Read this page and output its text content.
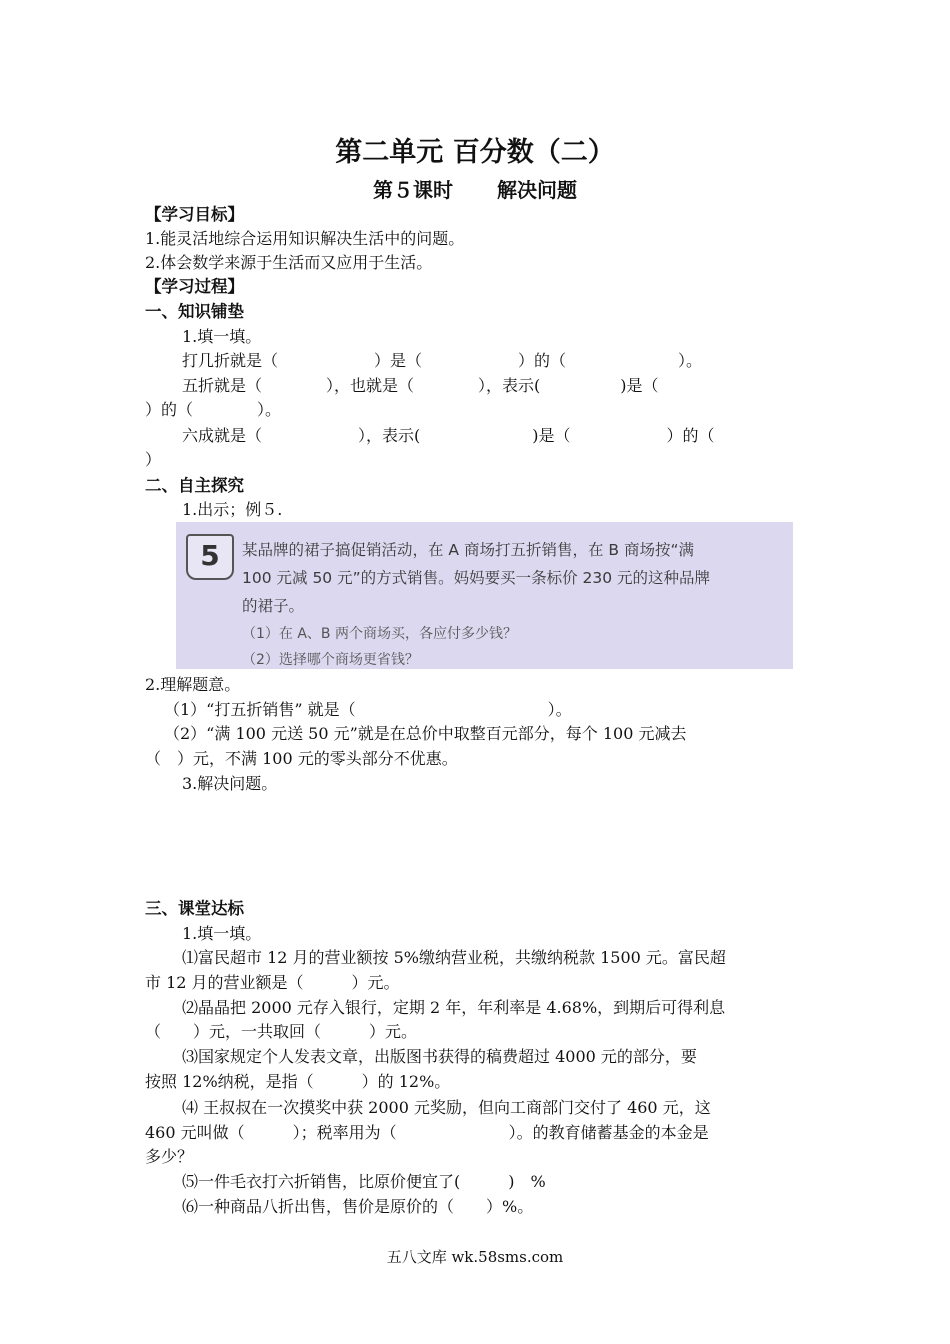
第二单元 百分数（二）
第５课时 解决问题
【学习目标】
1.能灵活地综合运用知识解决生活中的问题。
2.体会数学来源于生活而又应用于生活。
【学习过程】
一、知识铺垫
1.填一填。
打几折就是（　　　　　　）是（　　　　　　）的（　　　　　　　）。
五折就是（　　　　），也就是（　　　　），表示(　　　　　)是（
）的（　　　　）。
六成就是（　　　　　　），表示(　　　　　　　)是（　　　　　　）的（
）
二、自主探究
1.出示；例５.
5	某品牌的裙子搞促销活动，在 A 商场打五折销售，在 B 商场按“满
100 元减 50 元”的方式销售。妈妈要买一条标价 230 元的这种品牌
的裙子。
（1）在 A、B 两个商场买，各应付多少钱？
（2）选择哪个商场更省钱？
2.理解题意。
（1）“打五折销售” 就是（　　　　　　　　　　　　）。
（2）“满 100 元送 50 元”就是在总价中取整百元部分，每个 100 元减去
（　）元，不满 100 元的零头部分不优惠。
3.解决问题。
三、课堂达标
1.填一填。
⑴富民超市 12 月的营业额按 5%缴纳营业税，共缴纳税款 1500 元。富民超
市 12 月的营业额是（　　　）元。
⑵晶晶把 2000 元存入银行，定期 2 年，年利率是 4.68%，到期后可得利息
（　　）元，一共取回（　　　）元。
⑶国家规定个人发表文章，出版图书获得的稿费超过 4000 元的部分，要
按照 12%纳税，是指（　　　）的 12%。
⑷ 王叔叔在一次摸奖中获 2000 元奖励，但向工商部门交付了 460 元，这
460 元叫做（　　　）；税率用为（　　　　　　　）。的教育储蓄基金的本金是
多少？
⑸一件毛衣打六折销售，比原价便宜了(　　　)　%
⑹一种商品八折出售，售价是原价的（　　）%。
五八文库 wk.58sms.com
